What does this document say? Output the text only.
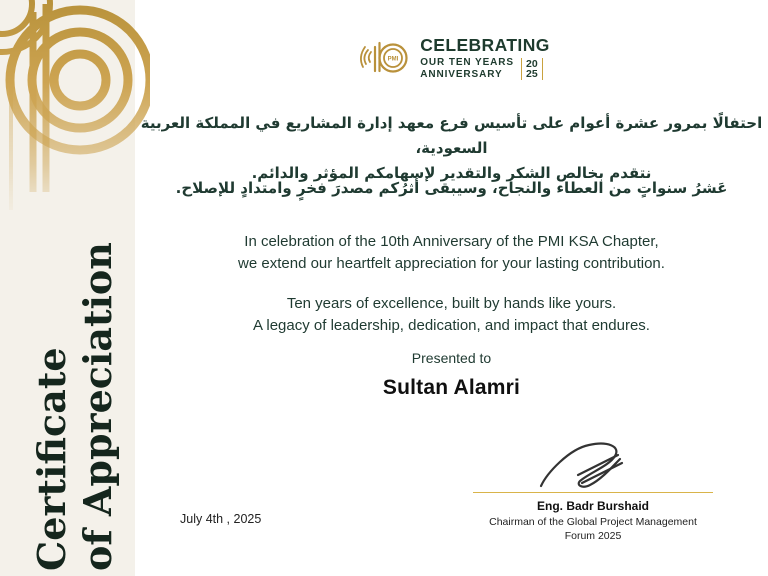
Certificate of Appreciation
PMI
CELEBRATING
OUR TEN YEARS
ANNIVERSARY
20
25
احتفالًا بمرور عشرة أعوام على تأسيس فرع معهد إدارة المشاريع في المملكة العربية السعودية،
نتقدم بخالص الشكر والتقدير لإسهامكم المؤثر والدائم.
عَشرُ سنواتٍ من العطاء والنجاح، وسيبقى أثرُكم مصدرَ فخرٍ وامتدادٍ للإصلاح.
In celebration of the 10th Anniversary of the PMI KSA Chapter,
we extend our heartfelt appreciation for your lasting contribution.
Ten years of excellence, built by hands like yours.
A legacy of leadership, dedication, and impact that endures.
Presented to
Sultan Alamri
July 4th , 2025
Eng. Badr Burshaid
Chairman of the Global Project Management Forum 2025
